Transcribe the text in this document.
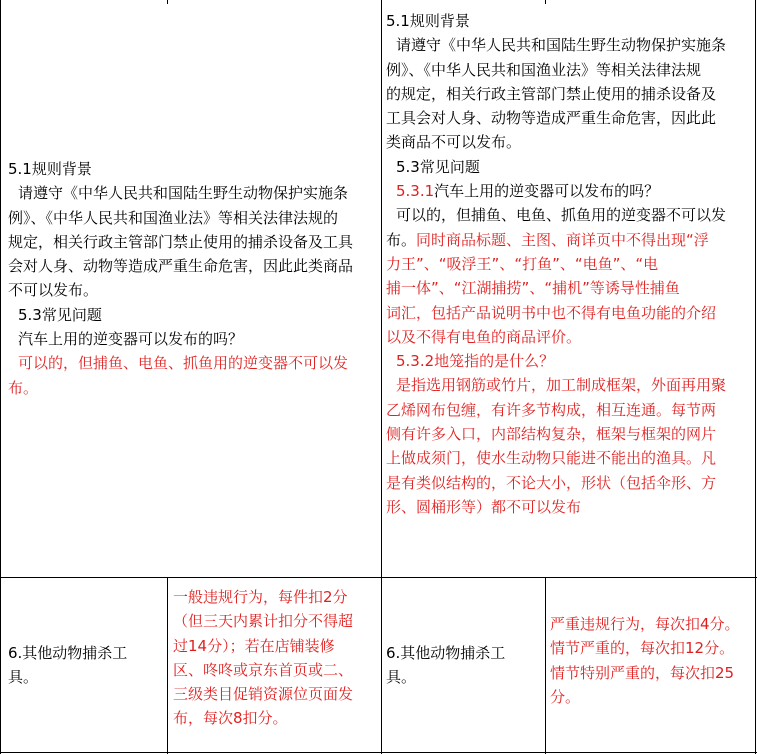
5.1规则背景

请遵守《中华人民共和国陆生野生动物保护实施条

例》、《中华人民共和国渔业法》等相关法律法规的

规定，相关行政主管部门禁止使用的捕杀设备及工具

会对人身、动物等造成严重生命危害，因此此类商品

不可以发布。

5.3常见问题

汽车上用的逆变器可以发布的吗？

可以的，但捕鱼、电鱼、抓鱼用的逆变器不可以发

布。

5.1规则背景

请遵守《中华人民共和国陆生野生动物保护实施条

例》、《中华人民共和国渔业法》等相关法律法规

的规定，相关行政主管部门禁止使用的捕杀设备及

工具会对人身、动物等造成严重生命危害，因此此

类商品不可以发布。

5.3常见问题

5.3.1汽车上用的逆变器可以发布的吗？

可以的，但捕鱼、电鱼、抓鱼用的逆变器不可以发

布。同时商品标题、主图、商详页中不得出现“浮

力王”、“吸浮王”、“打鱼”、“电鱼”、“电

捕一体”、“江湖捕捞”、“捕机”等诱导性捕鱼

词汇，包括产品说明书中也不得有电鱼功能的介绍

以及不得有电鱼的商品评价。

5.3.2地笼指的是什么？

是指选用钢筋或竹片，加工制成框架，外面再用聚

乙烯网布包缠，有许多节构成，相互连通。每节两

侧有许多入口，内部结构复杂，框架与框架的网片

上做成须门，使水生动物只能进不能出的渔具。凡

是有类似结构的，不论大小，形状（包括伞形、方

形、圆桶形等）都不可以发布

6.其他动物捕杀工

具。

一般违规行为，每件扣2分

（但三天内累计扣分不得超

过14分）；若在店铺装修

区、咚咚或京东首页或二、

三级类目促销资源位页面发

布，每次8扣分。

6.其他动物捕杀工

具。

严重违规行为，每次扣4分。

情节严重的，每次扣12分。

情节特别严重的，每次扣25

分。
